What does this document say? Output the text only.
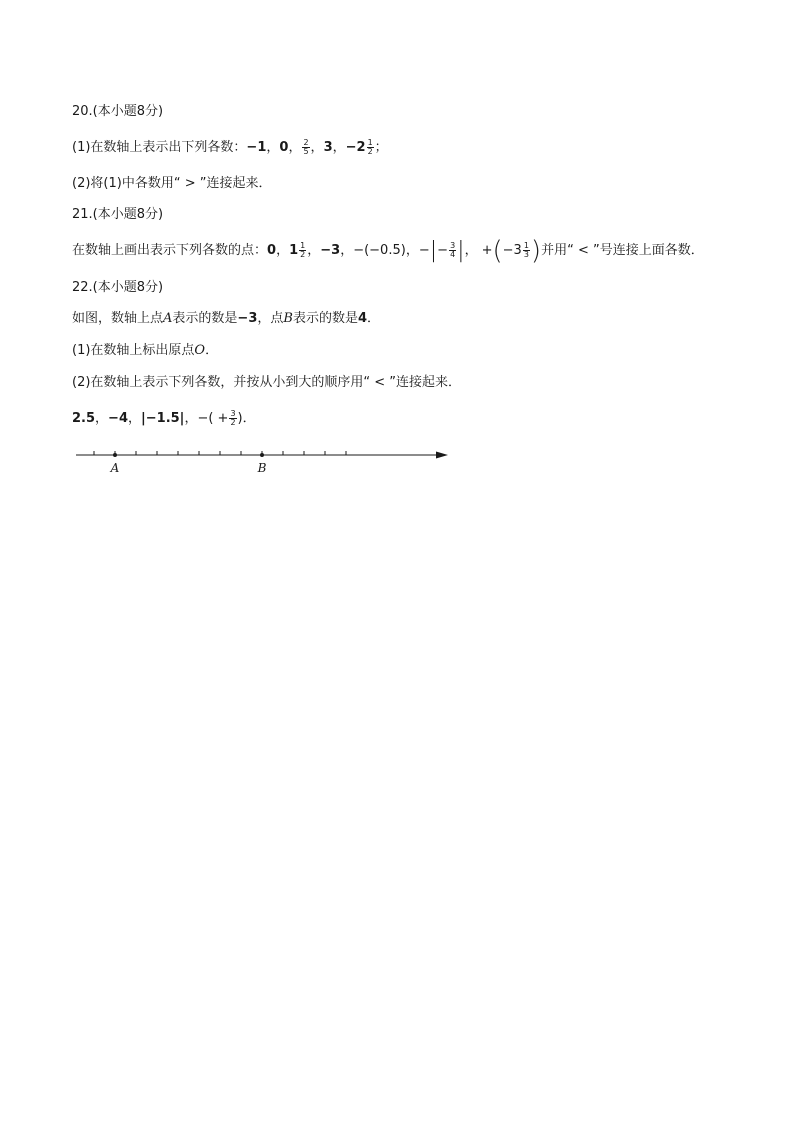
20.(本小题8分)
(1)在数轴上表示出下列各数：−1，0， $\frac{2}{5}$ ，3，$-2 \frac{1}{2}$ ；
(2)将(1)中各数用“ > ”连接起来．
21.(本小题8分)
在数轴上画出表示下列各数的点：0，$1 \frac{1}{2}$ ，−3，−(−0.5)，−|− $\frac{3}{4}$ |， $+(-3 \frac{1}{3}$ )并用“ < ”号连接上面各数．
22.(本小题8分)
如图，数轴上点A表示的数是−3，点B表示的数是4．
(1)在数轴上标出原点O．
(2)在数轴上表示下列各数，并按从小到大的顺序用“ < ”连接起来．
2.5，−4，|−1.5|，−( + $\frac{3}{2}$ )．
A	B
